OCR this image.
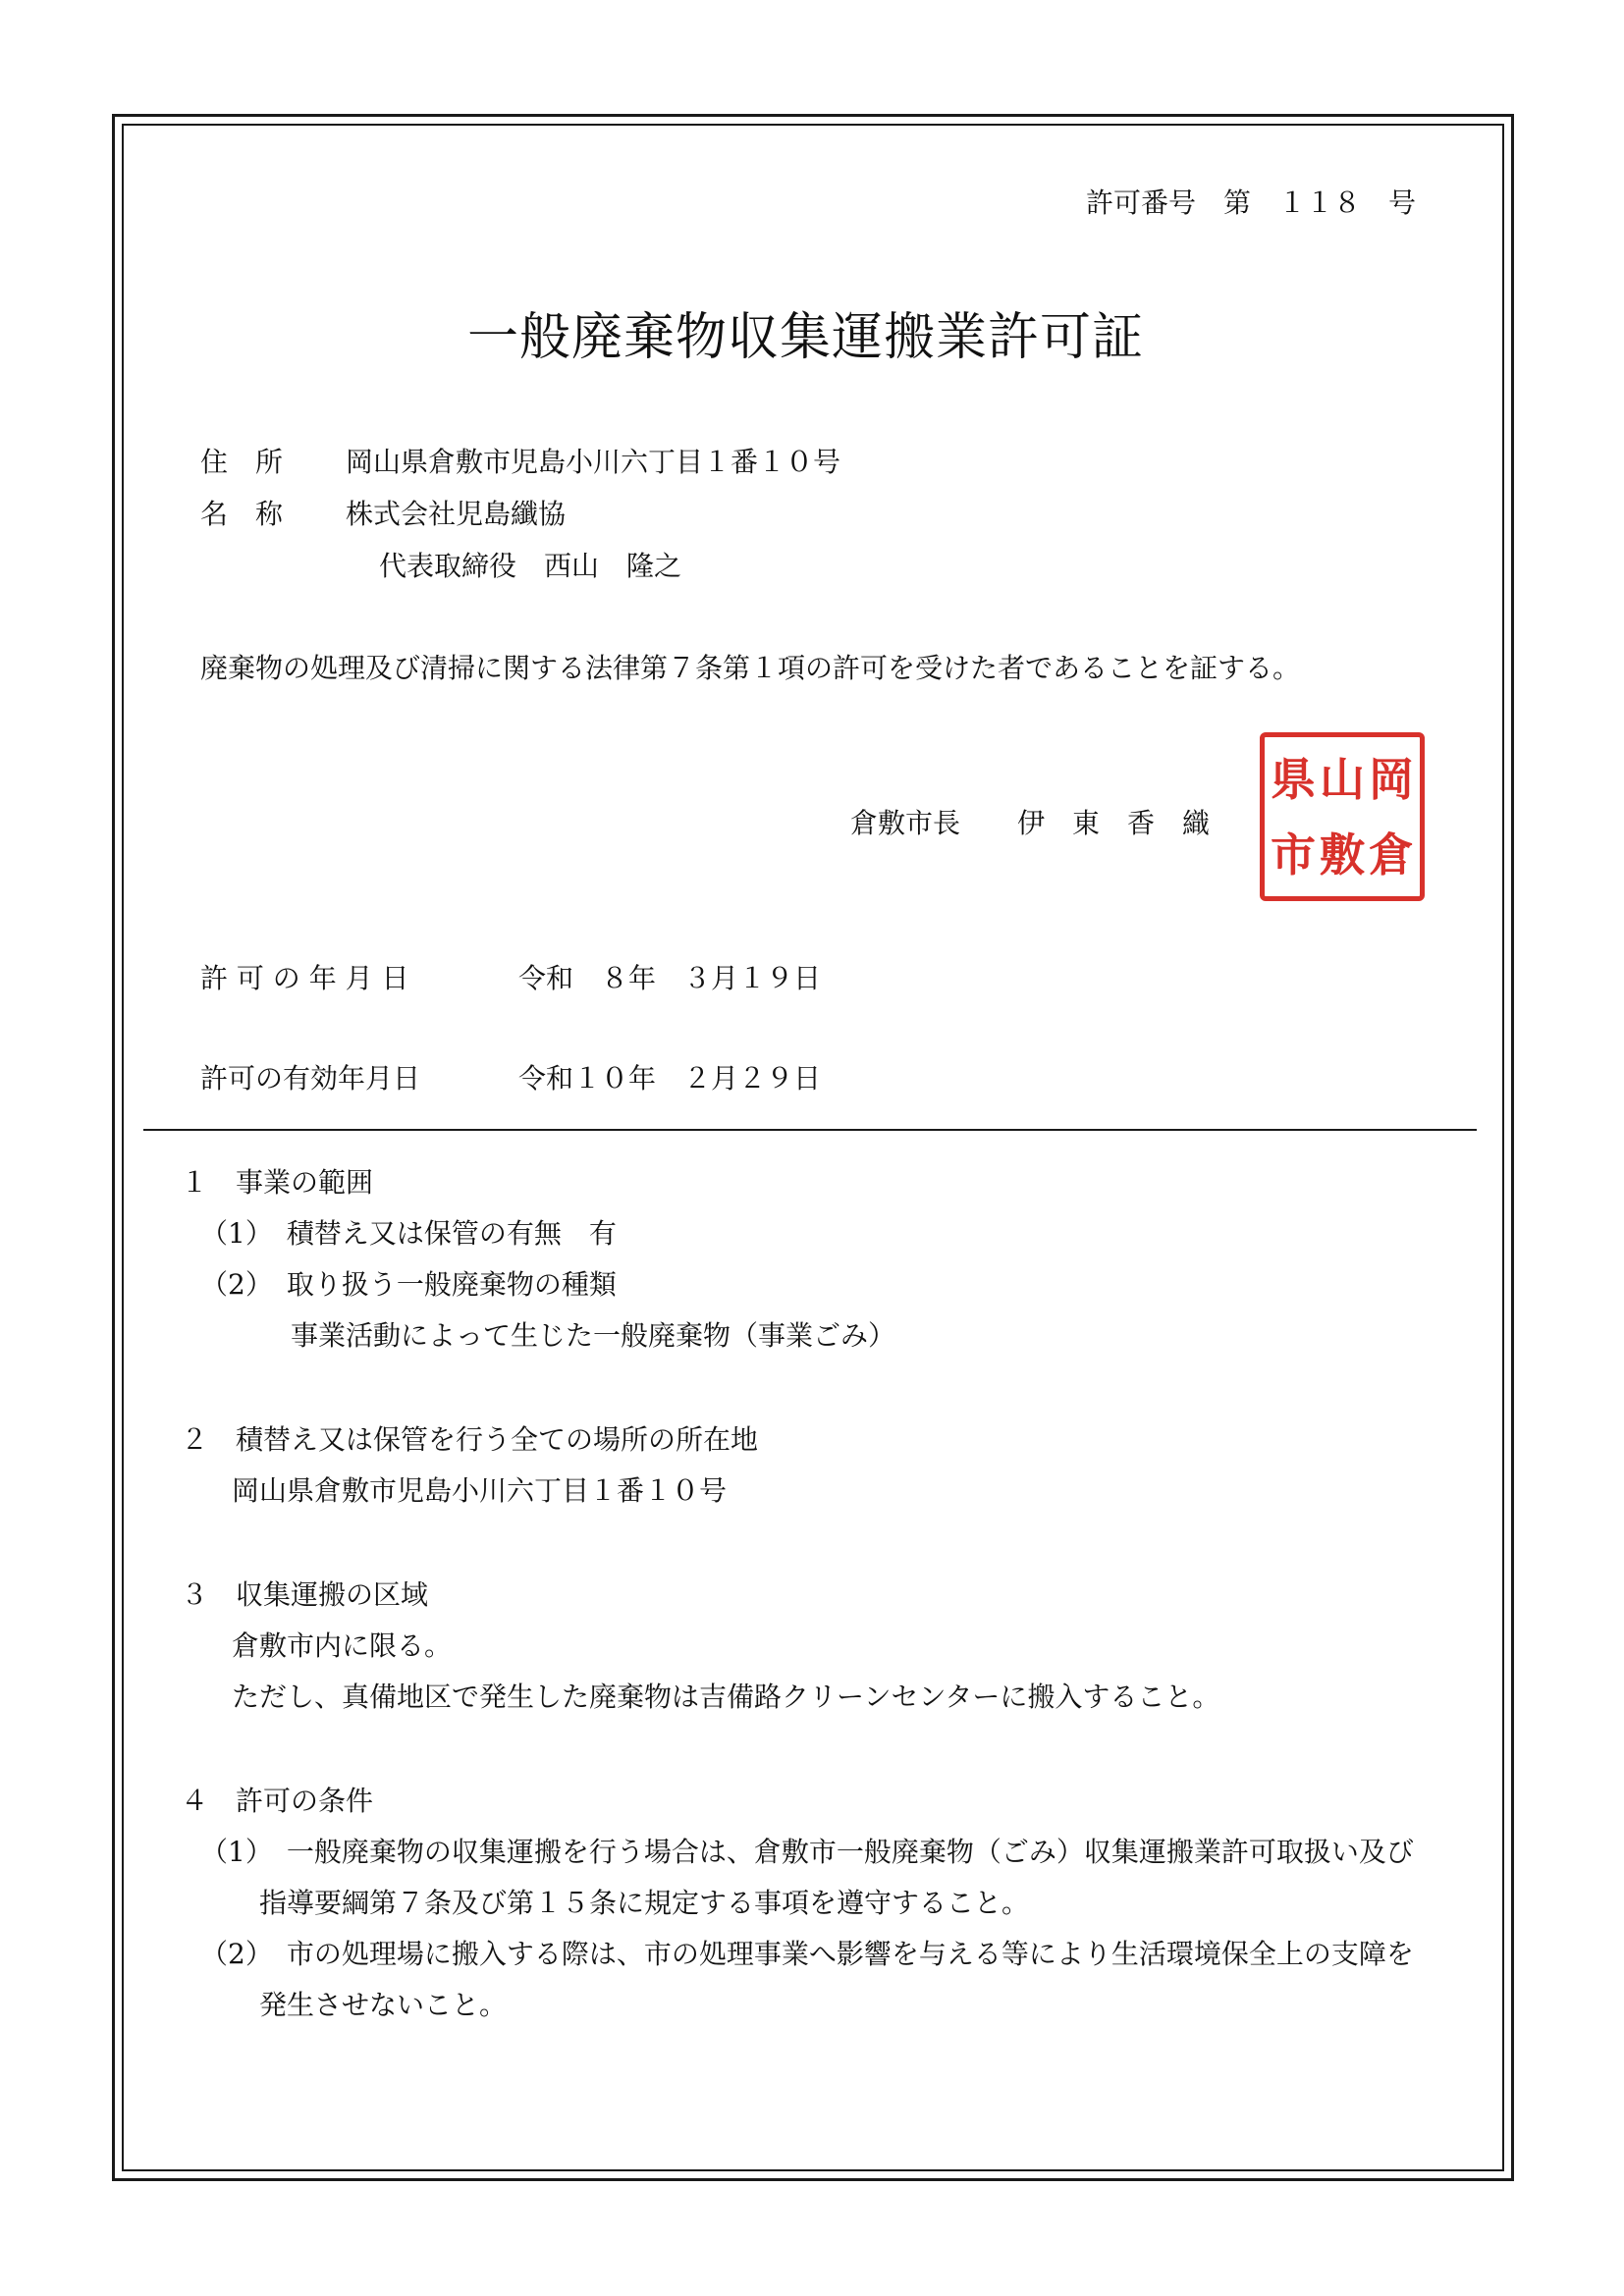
許可番号　第　１１８　号
一般廃棄物収集運搬業許可証
住　所 岡山県倉敷市児島小川六丁目１番１０号
名　称 株式会社児島纖協
代表取締役　西山　隆之
廃棄物の処理及び清掃に関する法律第７条第１項の許可を受けた者であることを証する。
倉敷市長 伊　東　香　織
県 山 岡
市 敷 倉
許 可 の 年 月 日	令和　８年　３月１９日
許可の有効年月日	令和１０年　２月２９日
１　事業の範囲
（1）　積替え又は保管の有無　有
（2）　取り扱う一般廃棄物の種類
事業活動によって生じた一般廃棄物（事業ごみ）
２　積替え又は保管を行う全ての場所の所在地
岡山県倉敷市児島小川六丁目１番１０号
３　収集運搬の区域
倉敷市内に限る。
ただし、真備地区で発生した廃棄物は吉備路クリーンセンターに搬入すること。
４　許可の条件
（1）　一般廃棄物の収集運搬を行う場合は、倉敷市一般廃棄物（ごみ）収集運搬業許可取扱い及び
指導要綱第７条及び第１５条に規定する事項を遵守すること。
（2）　市の処理場に搬入する際は、市の処理事業へ影響を与える等により生活環境保全上の支障を
発生させないこと。
